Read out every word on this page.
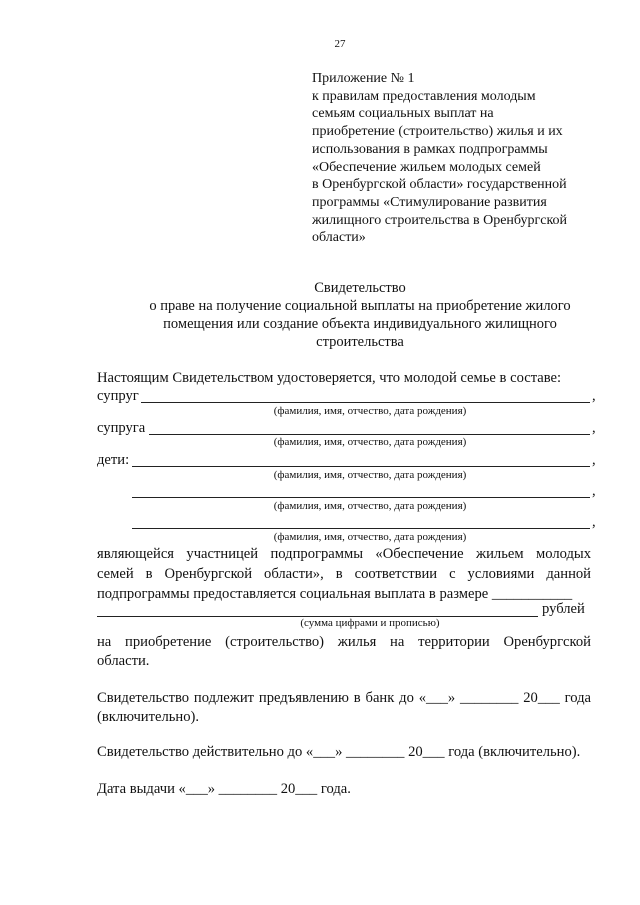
27
Приложение № 1
к правилам предоставления молодым
семьям социальных выплат на
приобретение (строительство) жилья и их
использования в рамках подпрограммы
«Обеспечение жильем молодых семей
в Оренбургской области» государственной
программы «Стимулирование развития
жилищного строительства в Оренбургской
области»
Свидетельство
о праве на получение социальной выплаты на приобретение жилого
помещения или создание объекта индивидуального жилищного
строительства
Настоящим Свидетельством удостоверяется, что молодой семье в составе:
супруг	,
(фамилия, имя, отчество, дата рождения)
супруга	,
(фамилия, имя, отчество, дата рождения)
дети:	,
(фамилия, имя, отчество, дата рождения)
,
(фамилия, имя, отчество, дата рождения)
,
(фамилия, имя, отчество, дата рождения)
являющейся участницей подпрограммы «Обеспечение жильем молодых
семей в Оренбургской области», в соответствии с условиями данной
подпрограммы предоставляется социальная выплата в размере ___________
рублей
(сумма цифрами и прописью)
на приобретение (строительство) жилья на территории Оренбургской
области.
Свидетельство подлежит предъявлению в банк до «___» ________ 20___ года
(включительно).
Свидетельство действительно до «___» ________ 20___ года (включительно).
Дата выдачи «___» ________ 20___ года.
